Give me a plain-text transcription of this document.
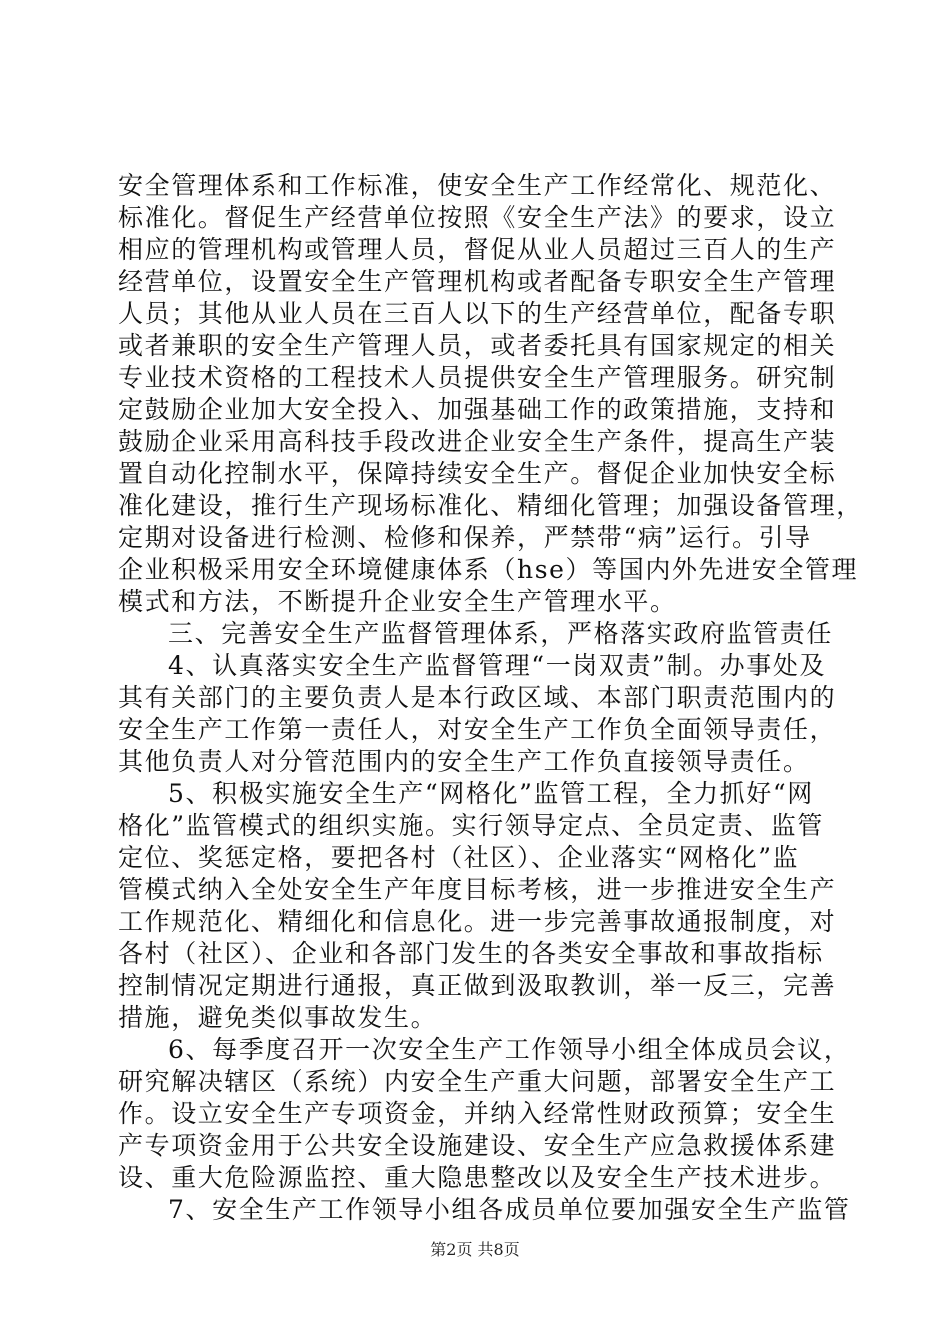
安全管理体系和工作标准，使安全生产工作经常化、规范化、
标准化。督促生产经营单位按照《安全生产法》的要求，设立
相应的管理机构或管理人员，督促从业人员超过三百人的生产
经营单位，设置安全生产管理机构或者配备专职安全生产管理
人员；其他从业人员在三百人以下的生产经营单位，配备专职
或者兼职的安全生产管理人员，或者委托具有国家规定的相关
专业技术资格的工程技术人员提供安全生产管理服务。研究制
定鼓励企业加大安全投入、加强基础工作的政策措施，支持和
鼓励企业采用高科技手段改进企业安全生产条件，提高生产装
置自动化控制水平，保障持续安全生产。督促企业加快安全标
准化建设，推行生产现场标准化、精细化管理；加强设备管理，
定期对设备进行检测、检修和保养，严禁带“病”运行。引导
企业积极采用安全环境健康体系（hse）等国内外先进安全管理
模式和方法，不断提升企业安全生产管理水平。
三、完善安全生产监督管理体系，严格落实政府监管责任
4、认真落实安全生产监督管理“一岗双责”制。办事处及
其有关部门的主要负责人是本行政区域、本部门职责范围内的
安全生产工作第一责任人，对安全生产工作负全面领导责任，
其他负责人对分管范围内的安全生产工作负直接领导责任。
5、积极实施安全生产“网格化”监管工程，全力抓好“网
格化”监管模式的组织实施。实行领导定点、全员定责、监管
定位、奖惩定格，要把各村（社区）、企业落实“网格化”监
管模式纳入全处安全生产年度目标考核，进一步推进安全生产
工作规范化、精细化和信息化。进一步完善事故通报制度，对
各村（社区）、企业和各部门发生的各类安全事故和事故指标
控制情况定期进行通报，真正做到汲取教训，举一反三，完善
措施，避免类似事故发生。
6、每季度召开一次安全生产工作领导小组全体成员会议，
研究解决辖区（系统）内安全生产重大问题，部署安全生产工
作。设立安全生产专项资金，并纳入经常性财政预算；安全生
产专项资金用于公共安全设施建设、安全生产应急救援体系建
设、重大危险源监控、重大隐患整改以及安全生产技术进步。
7、安全生产工作领导小组各成员单位要加强安全生产监管
第2页 共8页
